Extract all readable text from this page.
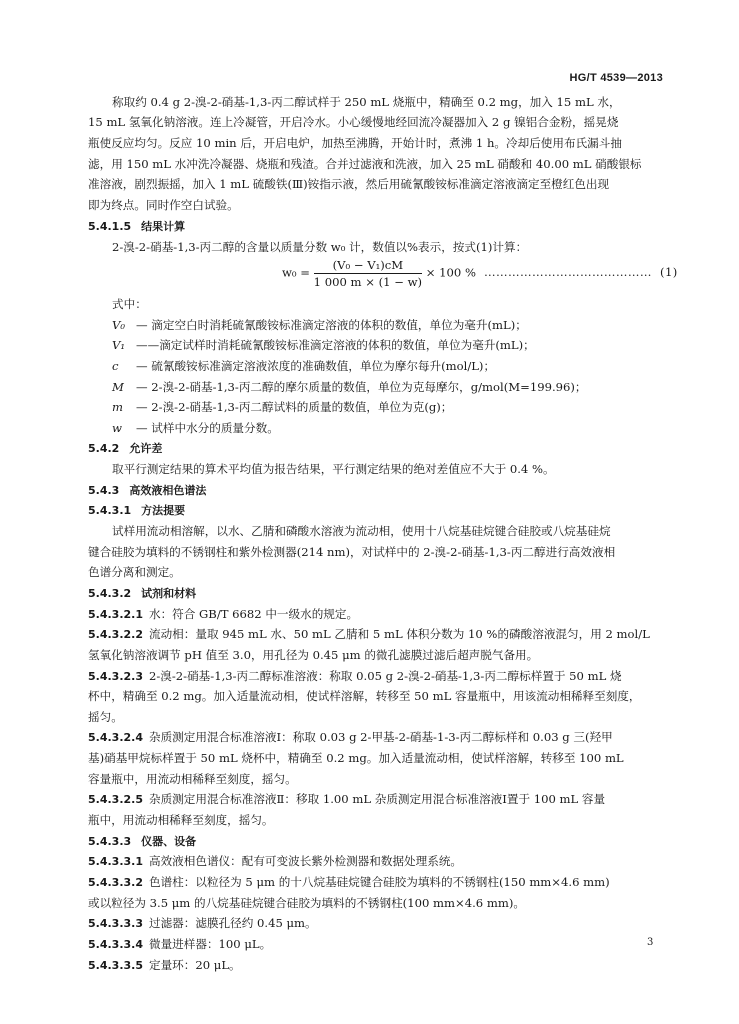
HG/T 4539—2013
称取约 0.4 g 2-溴-2-硝基-1,3-丙二醇试样于 250 mL 烧瓶中，精确至 0.2 mg，加入 15 mL 水，
15 mL 氢氧化钠溶液。连上冷凝管，开启冷水。小心缓慢地经回流冷凝器加入 2 g 镍铝合金粉，摇晃烧
瓶使反应均匀。反应 10 min 后，开启电炉，加热至沸腾，开始计时，煮沸 1 h。冷却后使用布氏漏斗抽
滤，用 150 mL 水冲洗冷凝器、烧瓶和残渣。合并过滤液和洗液，加入 25 mL 硝酸和 40.00 mL 硝酸银标
准溶液，剧烈振摇，加入 1 mL 硫酸铁(Ⅲ)铵指示液，然后用硫氰酸铵标准滴定溶液滴定至橙红色出现
即为终点。同时作空白试验。
5.4.1.5 结果计算
2-溴-2-硝基-1,3-丙二醇的含量以质量分数 w₀ 计，数值以%表示，按式(1)计算：
$w_0 = \frac{\text{(V₀ − V₁)cM}}{1 000 m \times (1 - w)} \times 100$ % …………………………………… (1)
式中：
V₀ — 滴定空白时消耗硫氰酸铵标准滴定溶液的体积的数值，单位为毫升(mL)；
V₁ ——滴定试样时消耗硫氰酸铵标准滴定溶液的体积的数值，单位为毫升(mL)；
c — 硫氰酸铵标准滴定溶液浓度的准确数值，单位为摩尔每升(mol/L)；
M — 2-溴-2-硝基-1,3-丙二醇的摩尔质量的数值，单位为克每摩尔，g/mol(M=199.96)；
m — 2-溴-2-硝基-1,3-丙二醇试料的质量的数值，单位为克(g)；
w — 试样中水分的质量分数。
5.4.2 允许差
取平行测定结果的算术平均值为报告结果，平行测定结果的绝对差值应不大于 0.4 %。
5.4.3 高效液相色谱法
5.4.3.1 方法提要
试样用流动相溶解，以水、乙腈和磷酸水溶液为流动相，使用十八烷基硅烷键合硅胶或八烷基硅烷
键合硅胶为填料的不锈钢柱和紫外检测器(214 nm)，对试样中的 2-溴-2-硝基-1,3-丙二醇进行高效液相
色谱分离和测定。
5.4.3.2 试剂和材料
5.4.3.2.1 水：符合 GB/T 6682 中一级水的规定。
5.4.3.2.2 流动相：量取 945 mL 水、50 mL 乙腈和 5 mL 体积分数为 10 %的磷酸溶液混匀，用 2 mol/L
氢氧化钠溶液调节 pH 值至 3.0，用孔径为 0.45 μm 的微孔滤膜过滤后超声脱气备用。
5.4.3.2.3 2-溴-2-硝基-1,3-丙二醇标准溶液：称取 0.05 g 2-溴-2-硝基-1,3-丙二醇标样置于 50 mL 烧
杯中，精确至 0.2 mg。加入适量流动相，使试样溶解，转移至 50 mL 容量瓶中，用该流动相稀释至刻度，
摇匀。
5.4.3.2.4 杂质测定用混合标准溶液Ⅰ：称取 0.03 g 2-甲基-2-硝基-1-3-丙二醇标样和 0.03 g 三(羟甲
基)硝基甲烷标样置于 50 mL 烧杯中，精确至 0.2 mg。加入适量流动相，使试样溶解，转移至 100 mL
容量瓶中，用流动相稀释至刻度，摇匀。
5.4.3.2.5 杂质测定用混合标准溶液Ⅱ：移取 1.00 mL 杂质测定用混合标准溶液Ⅰ置于 100 mL 容量
瓶中，用流动相稀释至刻度，摇匀。
5.4.3.3 仪器、设备
5.4.3.3.1 高效液相色谱仪：配有可变波长紫外检测器和数据处理系统。
5.4.3.3.2 色谱柱：以粒径为 5 μm 的十八烷基硅烷键合硅胶为填料的不锈钢柱(150 mm×4.6 mm)
或以粒径为 3.5 μm 的八烷基硅烷键合硅胶为填料的不锈钢柱(100 mm×4.6 mm)。
5.4.3.3.3 过滤器：滤膜孔径约 0.45 μm。
5.4.3.3.4 微量进样器：100 μL。
5.4.3.3.5 定量环：20 μL。
3
